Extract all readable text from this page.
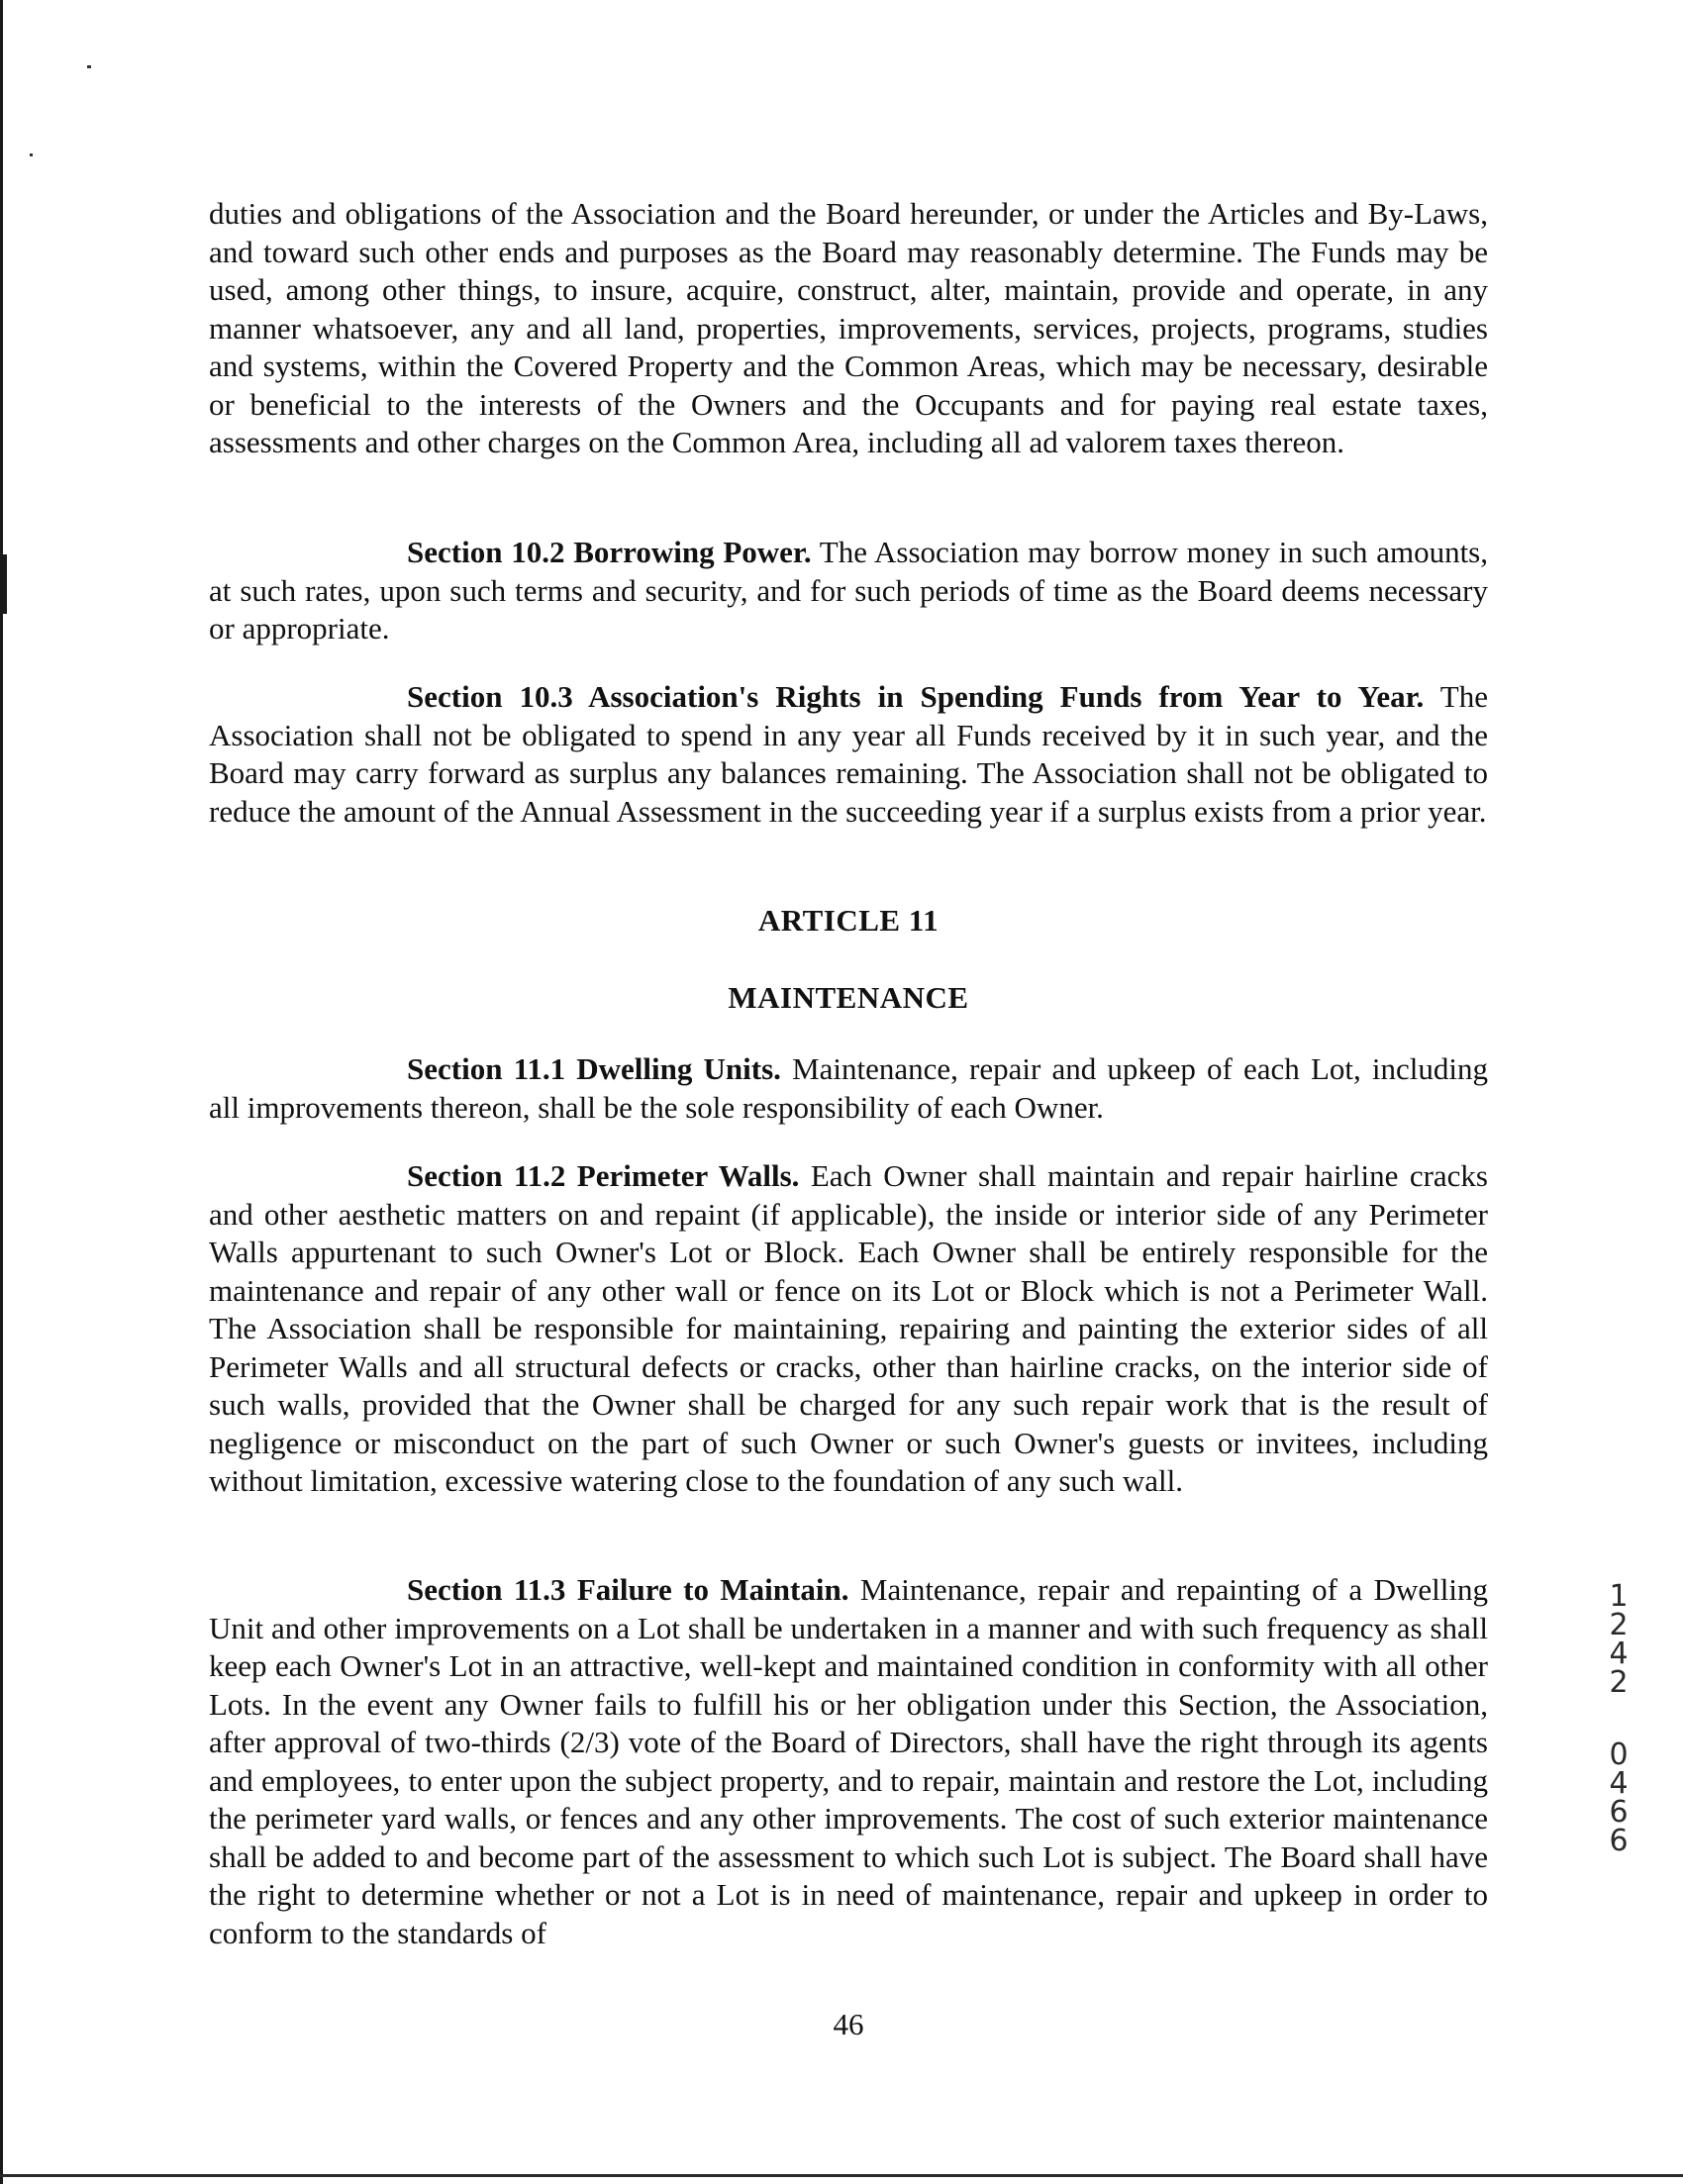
duties and obligations of the Association and the Board hereunder, or under the Articles and By-Laws, and toward such other ends and purposes as the Board may reasonably determine. The Funds may be used, among other things, to insure, acquire, construct, alter, maintain, provide and operate, in any manner whatsoever, any and all land, properties, improvements, services, projects, programs, studies and systems, within the Covered Property and the Common Areas, which may be necessary, desirable or beneficial to the interests of the Owners and the Occupants and for paying real estate taxes, assessments and other charges on the Common Area, including all ad valorem taxes thereon.

Section 10.2 Borrowing Power. The Association may borrow money in such amounts, at such rates, upon such terms and security, and for such periods of time as the Board deems necessary or appropriate.

Section 10.3 Association's Rights in Spending Funds from Year to Year. The Association shall not be obligated to spend in any year all Funds received by it in such year, and the Board may carry forward as surplus any balances remaining. The Association shall not be obligated to reduce the amount of the Annual Assessment in the succeeding year if a surplus exists from a prior year.

ARTICLE 11
MAINTENANCE

Section 11.1 Dwelling Units. Maintenance, repair and upkeep of each Lot, including all improvements thereon, shall be the sole responsibility of each Owner.

Section 11.2 Perimeter Walls. Each Owner shall maintain and repair hairline cracks and other aesthetic matters on and repaint (if applicable), the inside or interior side of any Perimeter Walls appurtenant to such Owner's Lot or Block. Each Owner shall be entirely responsible for the maintenance and repair of any other wall or fence on its Lot or Block which is not a Perimeter Wall. The Association shall be responsible for maintaining, repairing and painting the exterior sides of all Perimeter Walls and all structural defects or cracks, other than hairline cracks, on the interior side of such walls, provided that the Owner shall be charged for any such repair work that is the result of negligence or misconduct on the part of such Owner or such Owner's guests or invitees, including without limitation, excessive watering close to the foundation of any such wall.

Section 11.3 Failure to Maintain. Maintenance, repair and repainting of a Dwelling Unit and other improvements on a Lot shall be undertaken in a manner and with such frequency as shall keep each Owner's Lot in an attractive, well-kept and maintained condition in conformity with all other Lots. In the event any Owner fails to fulfill his or her obligation under this Section, the Association, after approval of two-thirds (2/3) vote of the Board of Directors, shall have the right through its agents and employees, to enter upon the subject property, and to repair, maintain and restore the Lot, including the perimeter yard walls, or fences and any other improvements. The cost of such exterior maintenance shall be added to and become part of the assessment to which such Lot is subject. The Board shall have the right to determine whether or not a Lot is in need of maintenance, repair and upkeep in order to conform to the standards of

46
1242
0466
